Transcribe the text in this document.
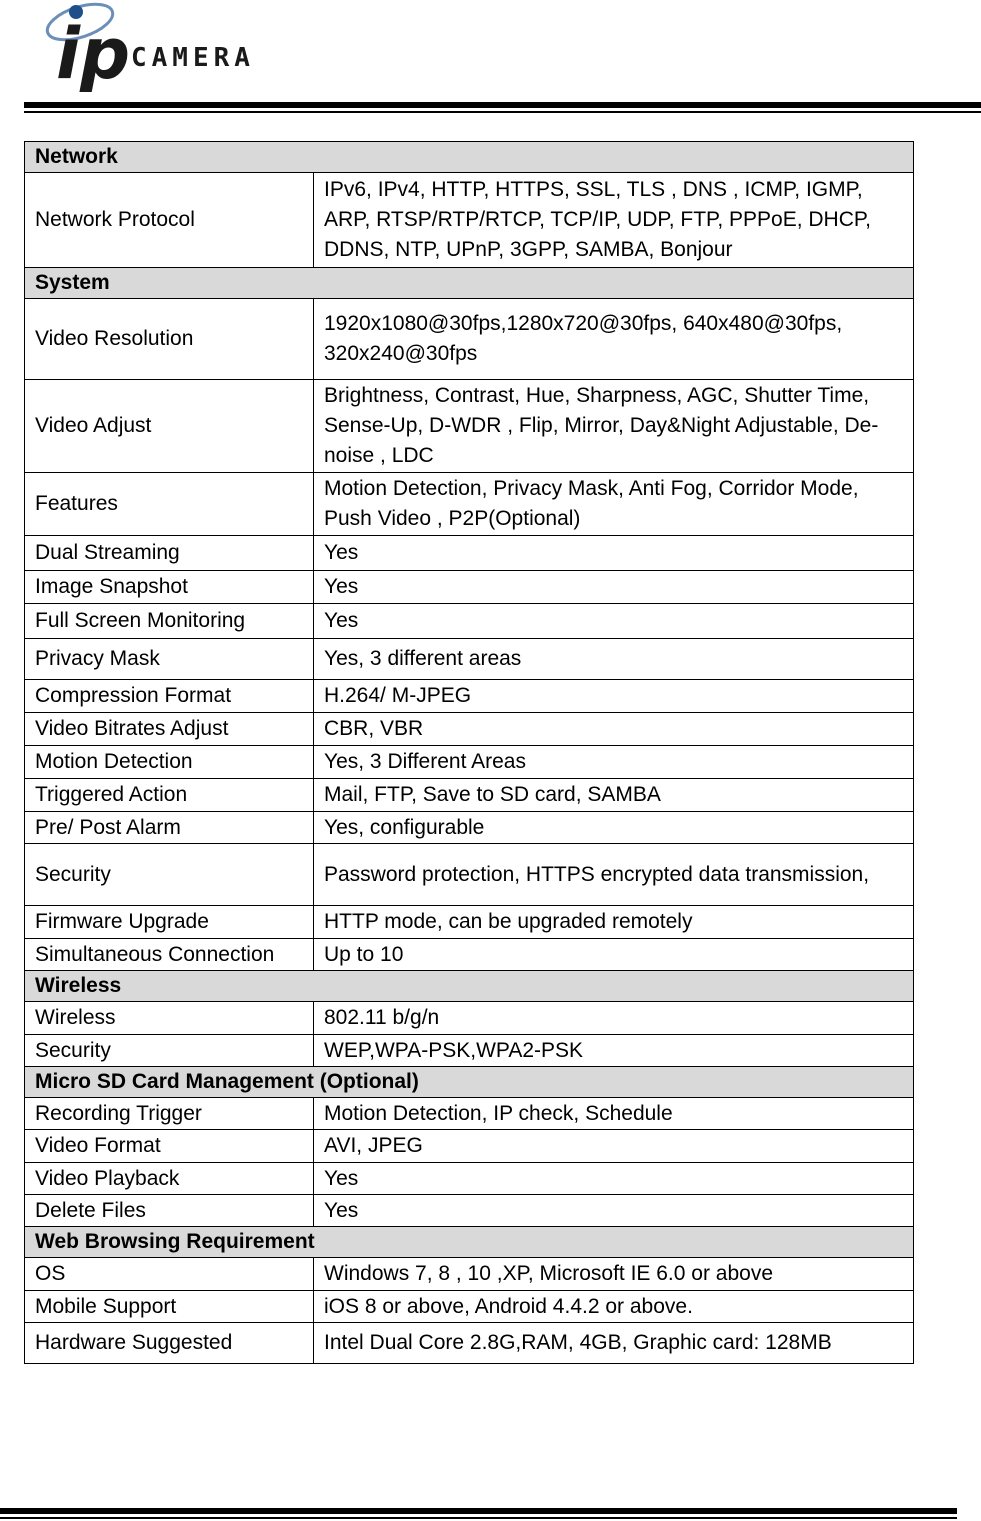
ip CAMERA
Network	
Network Protocol	IPv6, IPv4, HTTP, HTTPS, SSL, TLS , DNS , ICMP, IGMP, ARP, RTSP/RTP/RTCP, TCP/IP, UDP, FTP, PPPoE, DHCP, DDNS, NTP, UPnP, 3GPP, SAMBA, Bonjour
System	
Video Resolution	1920x1080@30fps,1280x720@30fps, 640x480@30fps, 320x240@30fps
Video Adjust	Brightness, Contrast, Hue, Sharpness, AGC, Shutter Time, Sense-Up, D-WDR , Flip, Mirror, Day&Night Adjustable, De-noise , LDC
Features	Motion Detection, Privacy Mask, Anti Fog, Corridor Mode, Push Video , P2P(Optional)
Dual Streaming	Yes
Image Snapshot	Yes
Full Screen Monitoring	Yes
Privacy Mask	Yes, 3 different areas
Compression Format	H.264/ M-JPEG
Video Bitrates Adjust	CBR, VBR
Motion Detection	Yes, 3 Different Areas
Triggered Action	Mail, FTP, Save to SD card, SAMBA
Pre/ Post Alarm	Yes, configurable
Security	Password protection, HTTPS encrypted data transmission,
Firmware Upgrade	HTTP mode, can be upgraded remotely
Simultaneous Connection	Up to 10
Wireless	
Wireless	802.11 b/g/n
Security	WEP,WPA-PSK,WPA2-PSK
Micro SD Card Management (Optional)	
Recording Trigger	Motion Detection, IP check, Schedule
Video Format	AVI, JPEG
Video Playback	Yes
Delete Files	Yes
Web Browsing Requirement	
OS	Windows 7, 8 , 10 ,XP, Microsoft IE 6.0 or above
Mobile Support	iOS 8 or above, Android 4.4.2 or above.
Hardware Suggested	Intel Dual Core 2.8G,RAM, 4GB, Graphic card: 128MB
